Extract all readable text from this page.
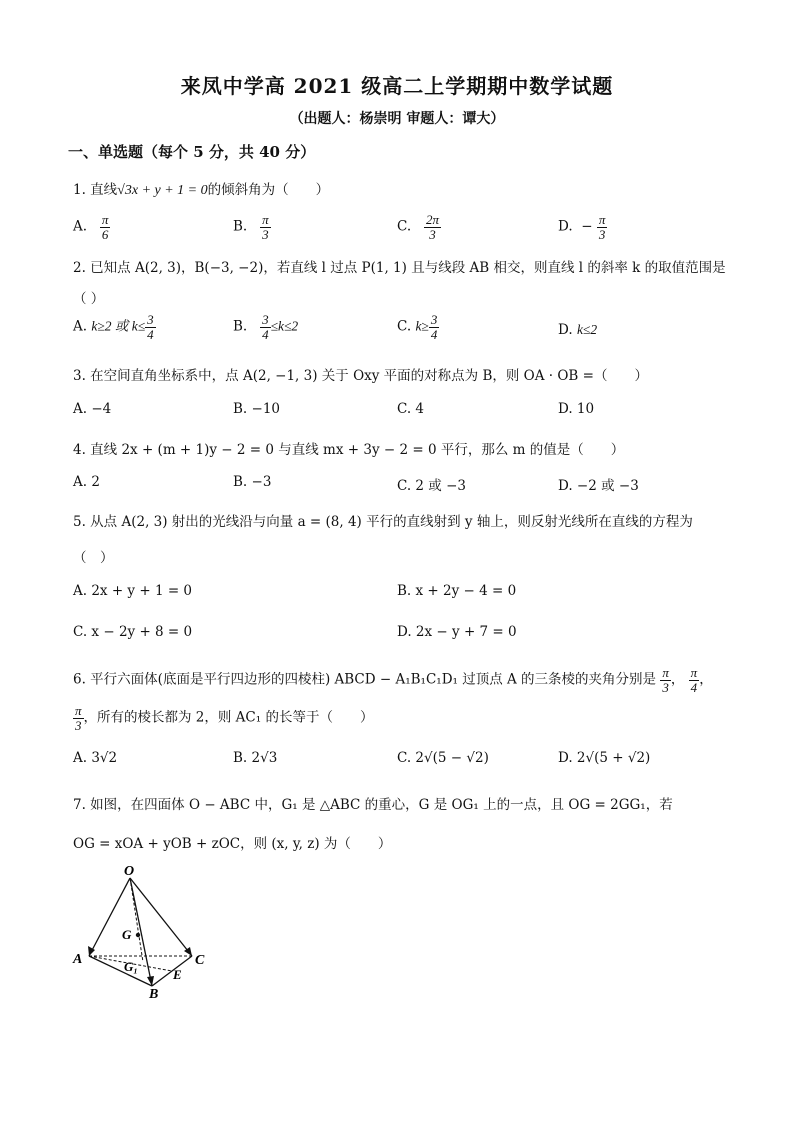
来凤中学高 2021 级高二上学期期中数学试题
（出题人：杨崇明 审题人：谭大）
一、单选题（每个 5 分，共 40 分）
1. 直线√3x + y + 1 = 0的倾斜角为（　　）
A. $\frac{\pi}{6}$	B. $\frac{\pi}{3}$	C. $\frac{2\pi}{3}$	D. − $\frac{\pi}{3}$
2. 已知点 A(2, 3)，B(−3, −2)，若直线 l 过点 P(1, 1) 且与线段 AB 相交，则直线 l 的斜率 k 的取值范围是
（ ）
A. k≥2 或 $k\le \frac{3}{4}$	B. $\frac{3}{4} \le k\le 2$	C. $k\ge \frac{3}{4}$	D. k≤2
3. 在空间直角坐标系中，点 A(2, −1, 3) 关于 Oxy 平面的对称点为 B，则 OA · OB =（　　）
A. −4	B. −10	C. 4	D. 10
4. 直线 2x + (m + 1)y − 2 = 0 与直线 mx + 3y − 2 = 0 平行，那么 m 的值是（　　）
A. 2	B. −3	C. 2 或 −3	D. −2 或 −3
5. 从点 A(2, 3) 射出的光线沿与向量 a = (8, 4) 平行的直线射到 y 轴上，则反射光线所在直线的方程为
（　）
A. 2x + y + 1 = 0	B. x + 2y − 4 = 0
C. x − 2y + 8 = 0	D. 2x − y + 7 = 0
6. 平行六面体(底面是平行四边形的四棱柱) ABCD − A₁B₁C₁D₁ 过顶点 A 的三条棱的夹角分别是 $\frac{\pi}{3}$ ， $\frac{\pi}{4}$ ，
$\frac{\pi}{3}$ ，所有的棱长都为 2，则 AC₁ 的长等于（　　）
A. 3√2	B. 2√3	C. 2√(5 − √2)	D. 2√(5 + √2)
7. 如图，在四面体 O − ABC 中，G₁ 是 △ABC 的重心，G 是 OG₁ 上的一点，且 OG = 2GG₁，若
OG = xOA + yOB + zOC，则 (x, y, z) 为（　　）
O
A	C
B
G
G₁
E
